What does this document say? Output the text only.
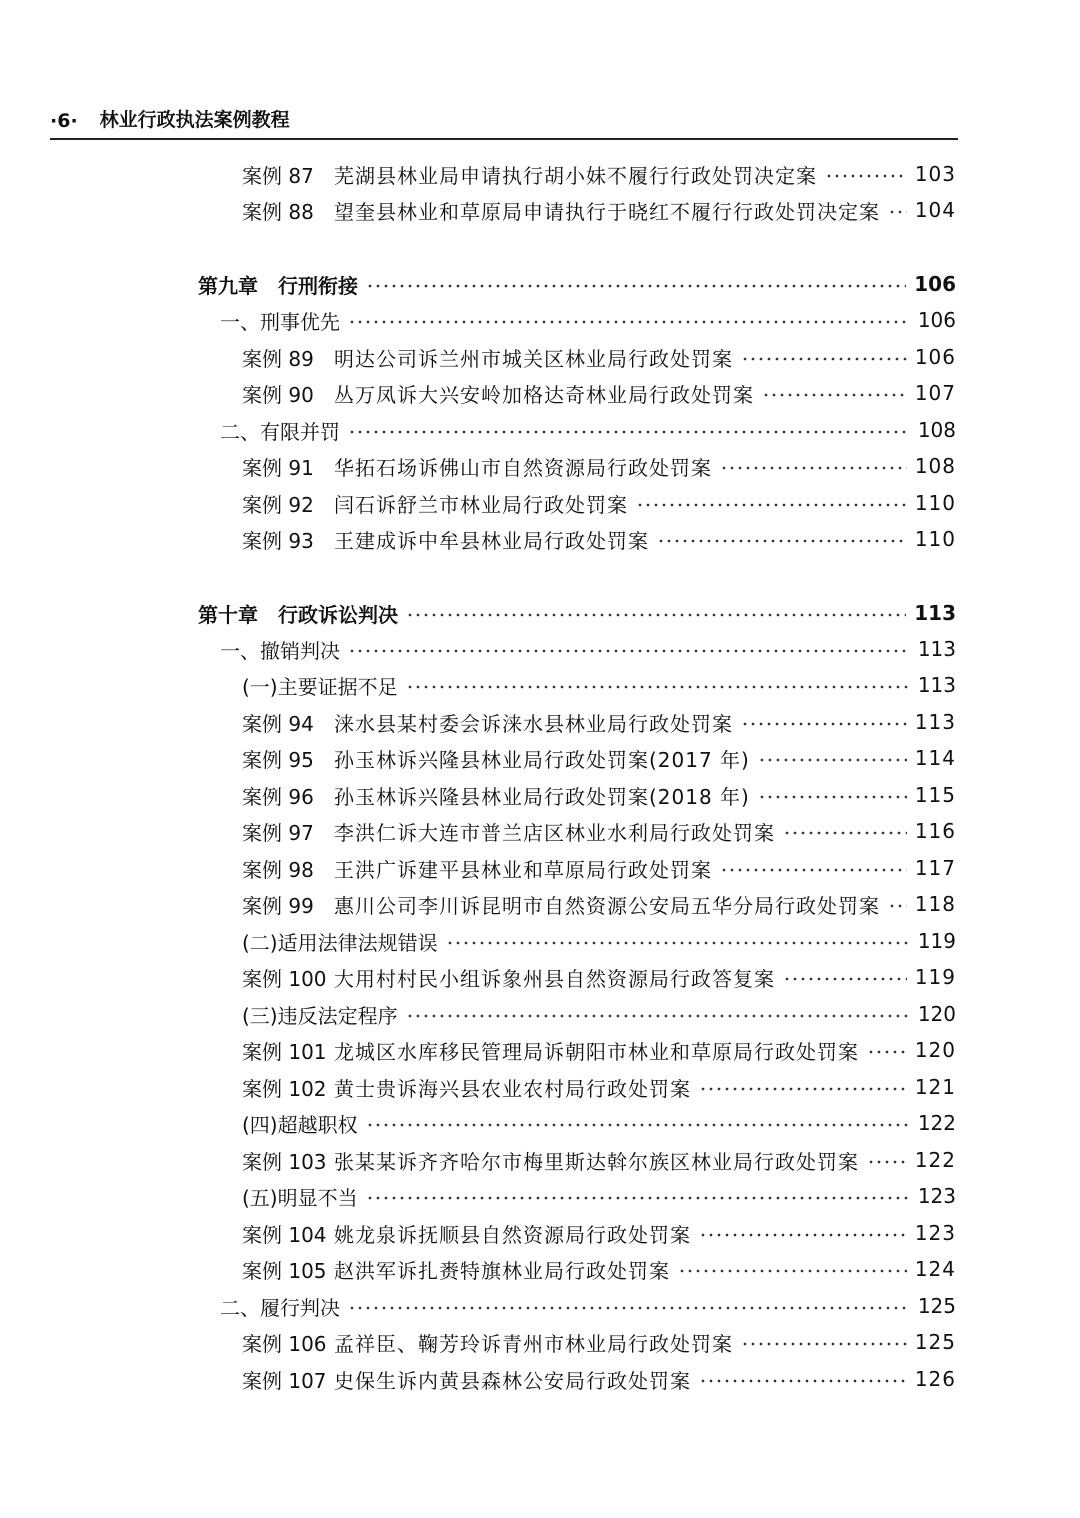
·6· 林业行政执法案例教程
案例 87 芜湖县林业局申请执行胡小妹不履行行政处罚决定案	103
案例 88 望奎县林业和草原局申请执行于晓红不履行行政处罚决定案 104
第九章 行刑衔接	106
一、刑事优先	106
案例 89 明达公司诉兰州市城关区林业局行政处罚案	106
案例 90 丛万凤诉大兴安岭加格达奇林业局行政处罚案	107
二、有限并罚	108
案例 91 华拓石场诉佛山市自然资源局行政处罚案	108
案例 92 闫石诉舒兰市林业局行政处罚案	110
案例 93 王建成诉中牟县林业局行政处罚案	110
第十章 行政诉讼判决	113
一、撤销判决	113
(一)主要证据不足	113
案例 94 涞水县某村委会诉涞水县林业局行政处罚案	113
案例 95 孙玉林诉兴隆县林业局行政处罚案(2017 年)	114
案例 96 孙玉林诉兴隆县林业局行政处罚案(2018 年)	115
案例 97 李洪仁诉大连市普兰店区林业水利局行政处罚案	116
案例 98 王洪广诉建平县林业和草原局行政处罚案	117
案例 99 惠川公司李川诉昆明市自然资源公安局五华分局行政处罚案 118
(二)适用法律法规错误	119
案例 100 大用村村民小组诉象州县自然资源局行政答复案	119
(三)违反法定程序	120
案例 101 龙城区水库移民管理局诉朝阳市林业和草原局行政处罚案	120
案例 102 黄士贵诉海兴县农业农村局行政处罚案	121
(四)超越职权	122
案例 103 张某某诉齐齐哈尔市梅里斯达斡尔族区林业局行政处罚案	122
(五)明显不当	123
案例 104 姚龙泉诉抚顺县自然资源局行政处罚案	123
案例 105 赵洪军诉扎赉特旗林业局行政处罚案	124
二、履行判决	125
案例 106 孟祥臣、鞠芳玲诉青州市林业局行政处罚案	125
案例 107 史保生诉内黄县森林公安局行政处罚案	126
